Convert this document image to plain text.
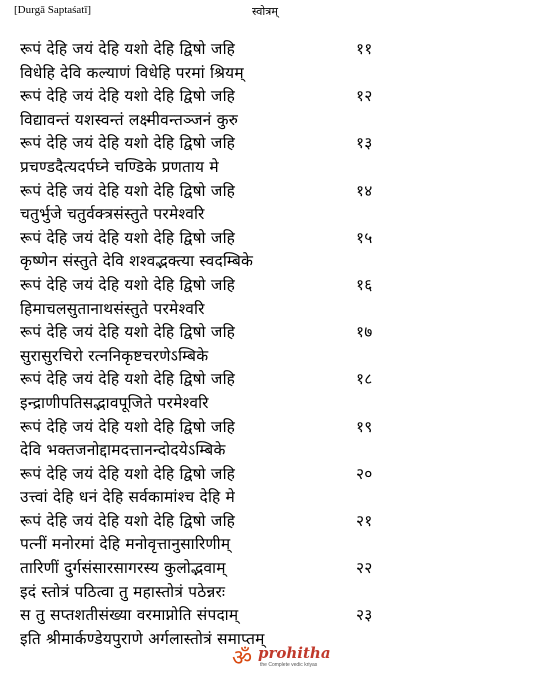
[Durgā Saptaśatī]	स्वोत्रम्
रूपं देहि जयं देहि यशो देहि द्विषो जहि	११
विधेहि देवि कल्याणं विधेहि परमां श्रियम्
रूपं देहि जयं देहि यशो देहि द्विषो जहि	१२
विद्यावन्तं यशस्वन्तं लक्ष्मीवन्तञ्जनं कुरु
रूपं देहि जयं देहि यशो देहि द्विषो जहि	१३
प्रचण्डदैत्यदर्पघ्ने चण्डिके प्रणताय मे
रूपं देहि जयं देहि यशो देहि द्विषो जहि	१४
चतुर्भुजे चतुर्वक्त्रसंस्तुते परमेश्वरि
रूपं देहि जयं देहि यशो देहि द्विषो जहि	१५
कृष्णेन संस्तुते देवि शश्वद्भक्त्या स्वदम्बिके
रूपं देहि जयं देहि यशो देहि द्विषो जहि	१६
हिमाचलसुतानाथसंस्तुते परमेश्वरि
रूपं देहि जयं देहि यशो देहि द्विषो जहि	१७
सुरासुरचिरो रत्ननिकृष्टचरणेऽम्बिके
रूपं देहि जयं देहि यशो देहि द्विषो जहि	१८
इन्द्राणीपतिसद्भावपूजिते परमेश्वरि
रूपं देहि जयं देहि यशो देहि द्विषो जहि	१९
देवि भक्तजनोद्दामदत्तानन्दोदयेऽम्बिके
रूपं देहि जयं देहि यशो देहि द्विषो जहि	२०
उत्त्वां देहि धनं देहि सर्वकामांश्च देहि मे
रूपं देहि जयं देहि यशो देहि द्विषो जहि	२१
पत्नीं मनोरमां देहि मनोवृत्तानुसारिणीम्
तारिणीं दुर्गसंसारसागरस्य कुलोद्भवाम्	२२
इदं स्तोत्रं पठित्वा तु महास्तोत्रं पठेन्नरः
स तु सप्तशतीसंख्या वरमाप्नोति संपदाम्	२३
इति श्रीमार्कण्डेयपुराणे अर्गलास्तोत्रं समाप्तम्
ॐ prohitha
the Complete vedic kriyas
